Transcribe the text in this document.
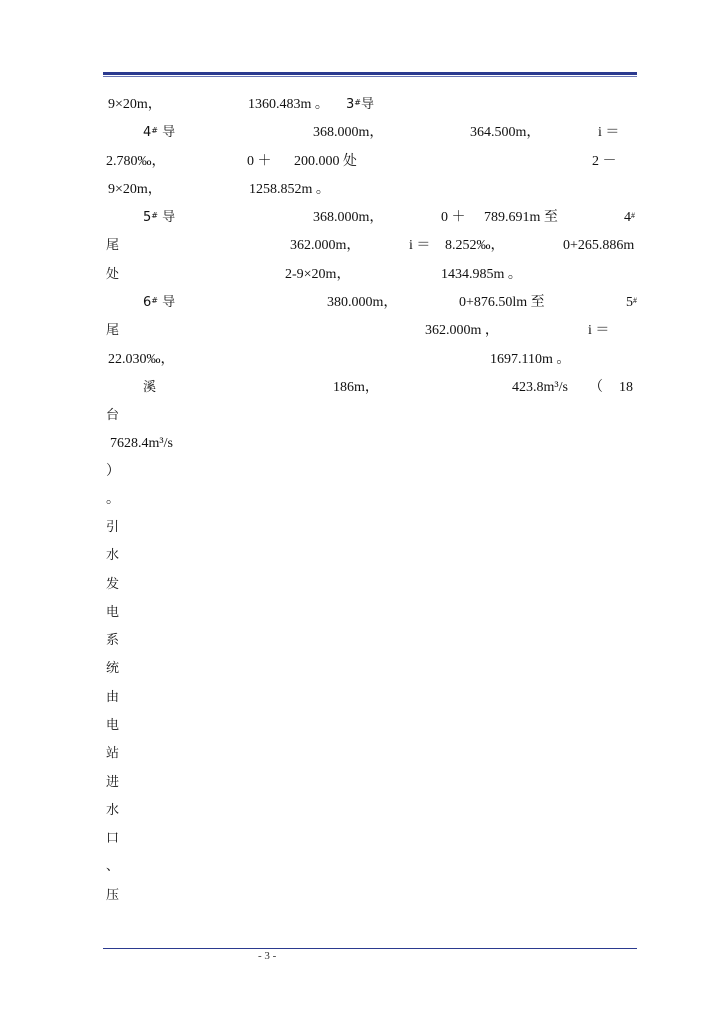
9×20m，	1360.483m 。 3#导
4# 导	368.000m，	364.500m，	i ＝
2.780‰，	0 ＋ 200.000 处	2 －
9×20m，	1258.852m 。
5# 导	368.000m，	0 ＋ 789.691m 至	4#
尾	362.000m，	i ＝ 8.252‰，	0+265.886m
处	2-9×20m，	1434.985m 。
6# 导	380.000m，	0+876.50lm 至	5#
尾	362.000m ，	i ＝
22.030‰，	1697.110m 。
溪	186m，	423.8m³/s （ 18
台
7628.4m³/s
）
。
引
水
发
电
系
统
由
电
站
进
水
口
、
压
- 3 -
